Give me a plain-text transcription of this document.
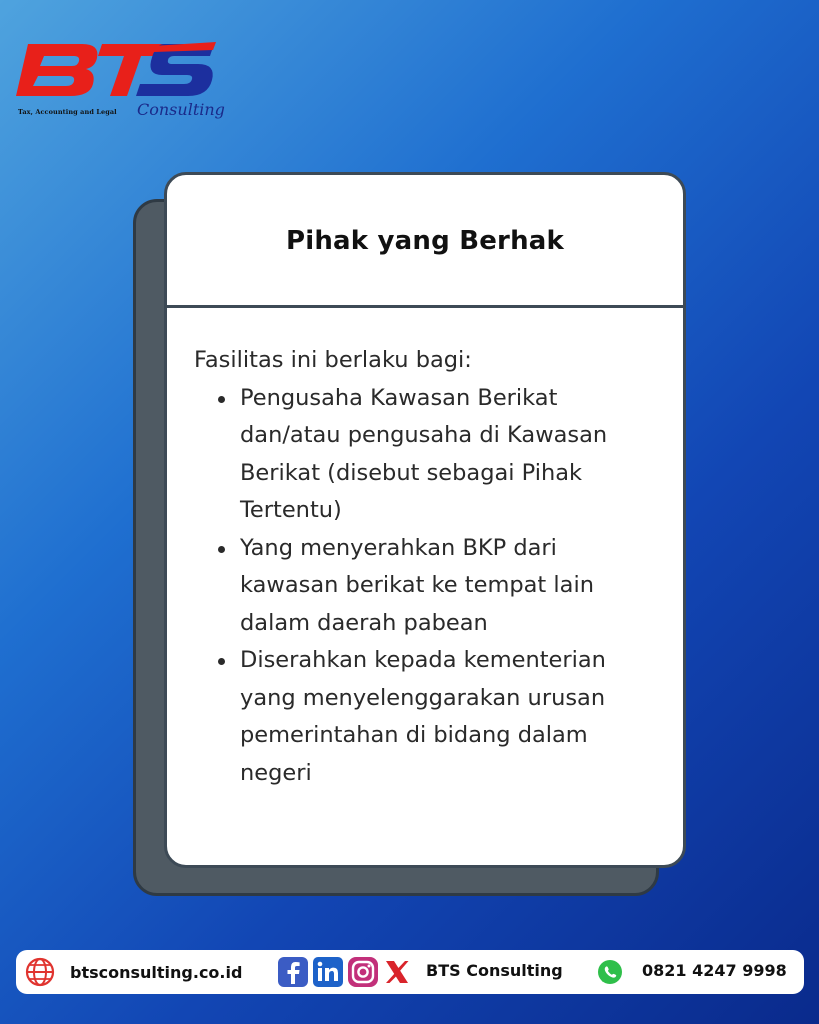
Tax, Accounting and Legal Consulting
Pihak yang Berhak
Fasilitas ini berlaku bagi:
Pengusaha Kawasan Berikat dan/atau pengusaha di Kawasan Berikat (disebut sebagai Pihak Tertentu)
Yang menyerahkan BKP dari kawasan berikat ke tempat lain dalam daerah pabean
Diserahkan kepada kementerian yang menyelenggarakan urusan pemerintahan di bidang dalam negeri
btsconsulting.co.id	BTS Consulting	0821 4247 9998
